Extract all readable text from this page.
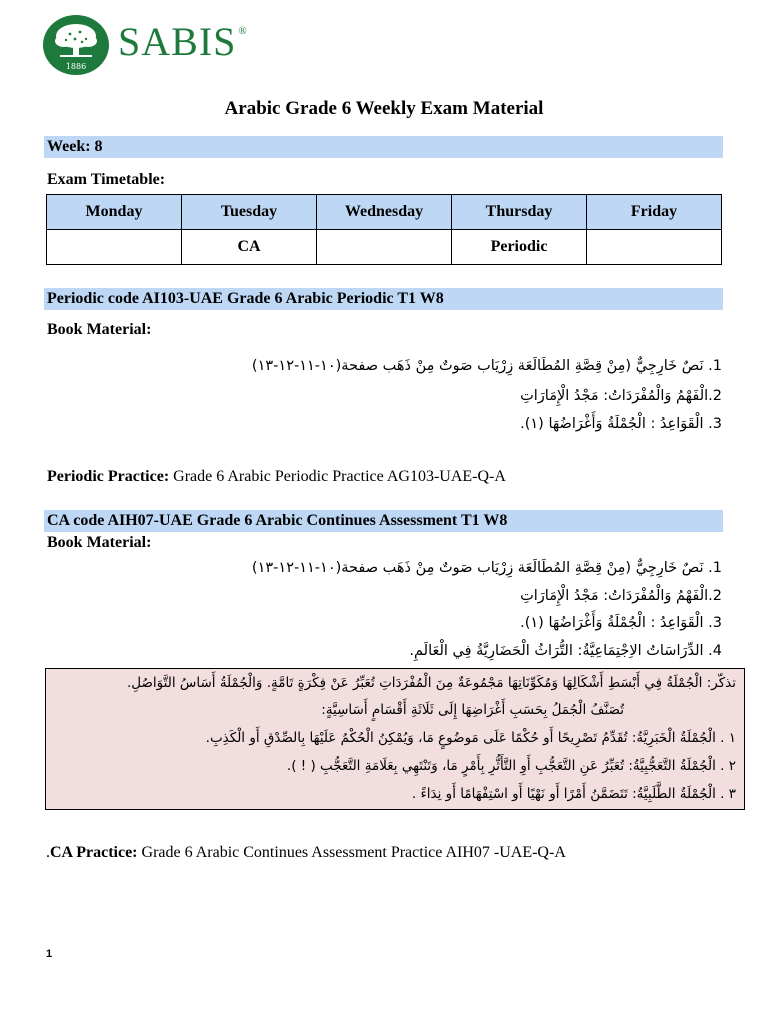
1886
SABIS ®
Arabic Grade 6 Weekly Exam Material
Week: 8
Exam Timetable:
Monday	Tuesday	Wednesday	Thursday	Friday
	CA		Periodic	
Periodic code AI103-UAE Grade 6 Arabic Periodic T1 W8
Book Material:
1. نَصٌ خَارِجِيٌّ (مِنْ قِصَّةِ المُطَالَعَة زِرْيَاب صَوتٌ مِنْ ذَهَب صفحة(١٠-١١-١٢-١٣)
2.الْفَهْمُ وَالْمُفْرَدَاتُ: مَجْدُ الْإِمَارَاتِ
3. الْقَوَاعِدُ : الْجُمْلَةُ وَأَغْرَاضُهَا (١).
Periodic Practice: Grade 6 Arabic Periodic Practice AG103-UAE-Q-A
CA code AIH07-UAE Grade 6 Arabic Continues Assessment T1 W8
Book Material:
1. نَصٌ خَارِجِيٌّ (مِنْ قِصَّةِ المُطَالَعَة زِرْيَاب صَوتٌ مِنْ ذَهَب صفحة(١٠-١١-١٢-١٣)
2.الْفَهْمُ وَالْمُفْرَدَاتُ: مَجْدُ الْإِمَارَاتِ
3. الْقَوَاعِدُ : الْجُمْلَةُ وَأَغْرَاضُهَا (١).
4. الدِّرَاسَاتُ الاِجْتِمَاعِيَّةُ: التُّرَاثُ الْحَضَارِيَّةُ فِي الْعَالَمِ.
تذكّر: الْجُمْلَةُ فِي أَبْسَطِ أَشْكَالِهَا وَمُكَوِّنَاتِهَا مَجْمُوعَةٌ مِنَ الْمُفْرَدَاتِ تُعَبِّرُ عَنْ فِكْرَةٍ تَامَّةٍ. وَالْجُمْلَةُ أَسَاسُ التَّوَاصُلِ.
تُصَنَّفُ الْجُمَلُ بِحَسَبِ أَغْرَاضِهَا إِلَى ثَلَاثَةِ أَقْسَامٍ أَسَاسِيَّةٍ:
١ . الْجُمْلَةُ الْخَبَرِيَّةُ: تُقَدِّمُ تَصْرِيحًا أَو حُكْمًا عَلَى مَوضُوعٍ مَا، وَيُمْكِنُ الْحُكْمُ عَلَيْهَا بِالصِّدْقِ أَو الْكَذِبِ.
٢ . الْجُمْلَةُ التَّعَجُّبِيَّةُ: تُعَبِّرُ عَنِ التَّعَجُّبِ أَوِ التَّأَثُّرِ بِأَمْرٍ مَا، وَتَنْتَهِي بِعَلَامَةِ التَّعَجُّبِ ( ! ).
٣ . الْجُمْلَةُ الطَّلَبِيَّةُ: تَتَضَمَّنُ أَمْرًا أَو نَهْيًا أَو اسْتِفْهَامًا أَو نِدَاءً .
.CA Practice: Grade 6 Arabic Continues Assessment Practice AIH07 -UAE-Q-A
1
